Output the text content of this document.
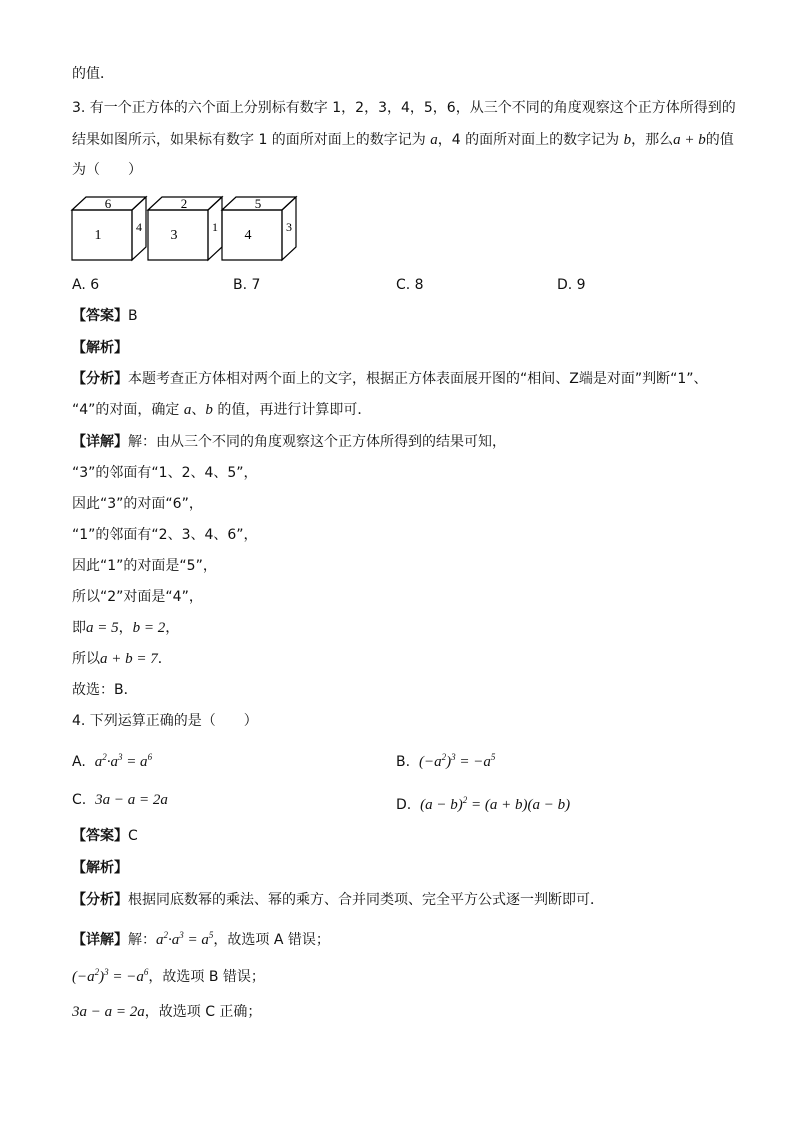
的值．
3. 有一个正方体的六个面上分别标有数字 1，2，3，4，5，6，从三个不同的角度观察这个正方体所得到的
结果如图所示，如果标有数字 1 的面所对面上的数字记为 a，4 的面所对面上的数字记为 b，那么a + b的值
为（　　）
6
1
4
2
3
1
5
4
3
A. 6	B. 7	C. 8	D. 9
【答案】B
【解析】
【分析】本题考查正方体相对两个面上的文字，根据正方体表面展开图的“相间、Z端是对面”判断“1”、
“4”的对面，确定 a、b 的值，再进行计算即可．
【详解】解：由从三个不同的角度观察这个正方体所得到的结果可知，
“3”的邻面有“1、2、4、5”，
因此“3”的对面“6”，
“1”的邻面有“2、3、4、6”，
因此“1”的对面是“5”，
所以“2”对面是“4”，
即a = 5，b = 2，
所以a + b = 7．
故选：B．
4. 下列运算正确的是（　　）
A. $a^2\cdot a^3 = a^6$	B. $(-a^2)^3 = -a^5$
C. 3a − a = 2a	D. $(a - b)^2 = (a + b)(a - b)$
【答案】C
【解析】
【分析】根据同底数幂的乘法、幂的乘方、合并同类项、完全平方公式逐一判断即可．
【详解】解：$a^2\cdot a^3 = a^5$，故选项 A 错误；
$(-a^2)^3 = -a^6$，故选项 B 错误；
3a − a = 2a，故选项 C 正确；
